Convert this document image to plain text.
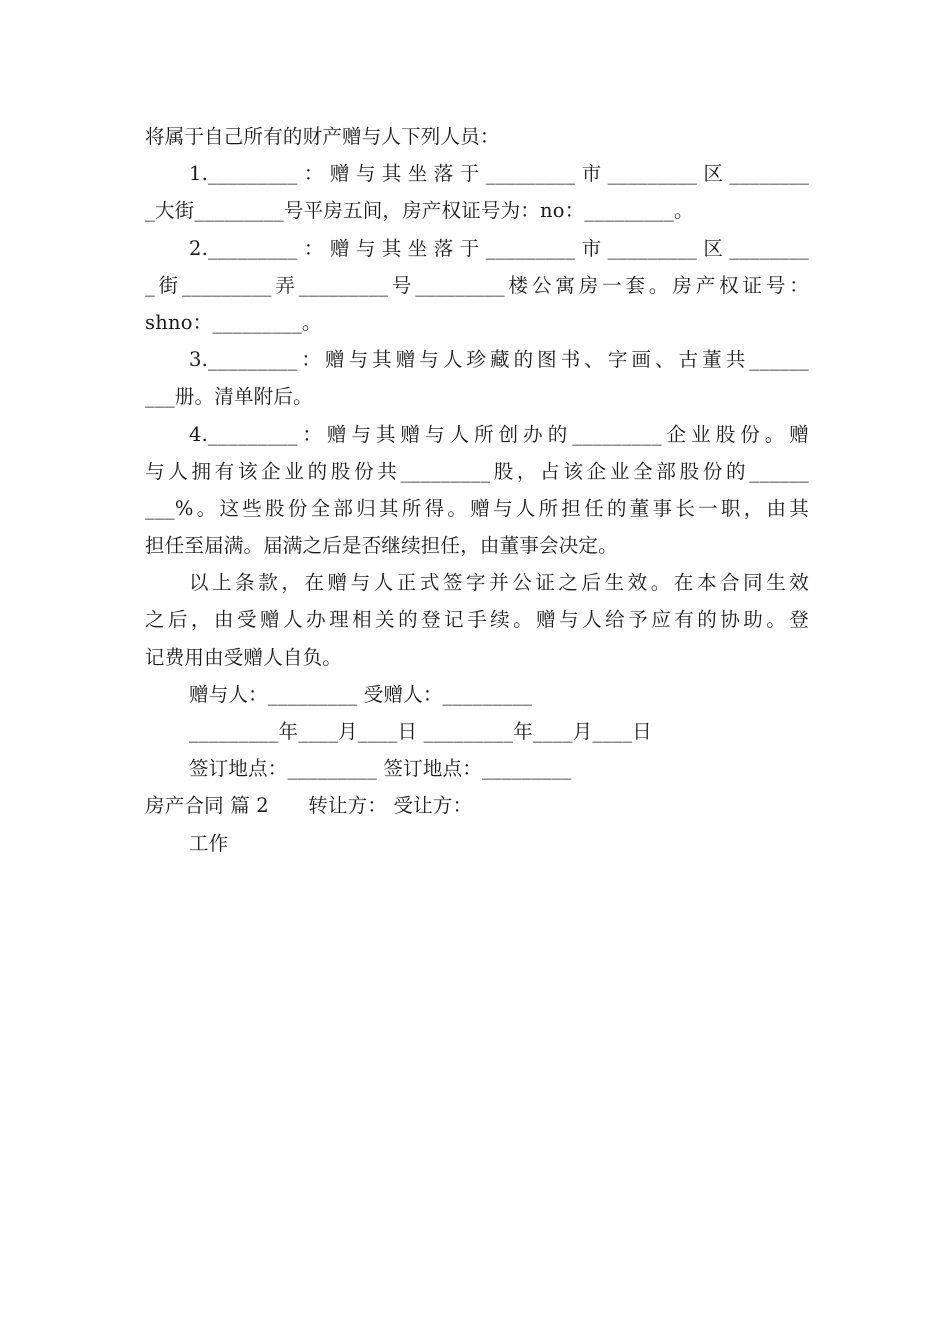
将属于自己所有的财产赠与人下列人员：
1._________：赠与其坐落于_________市_________区________
_大街_________号平房五间，房产权证号为：no：_________。
2._________：赠与其坐落于_________市_________区________
_街_________弄_________号_________楼公寓房一套。房产权证号：
shno：_________。
3._________：赠与其赠与人珍藏的图书、字画、古董共______
___册。清单附后。
4._________：赠与其赠与人所创办的_________企业股份。赠
与人拥有该企业的股份共_________股，占该企业全部股份的______
___%。这些股份全部归其所得。赠与人所担任的董事长一职，由其
担任至届满。届满之后是否继续担任，由董事会决定。
以上条款，在赠与人正式签字并公证之后生效。在本合同生效
之后，由受赠人办理相关的登记手续。赠与人给予应有的协助。登
记费用由受赠人自负。
赠与人：_________ 受赠人：_________
_________年____月____日 _________年____月____日
签订地点：_________ 签订地点：_________
房产合同 篇 2　　转让方： 受让方：
工作
